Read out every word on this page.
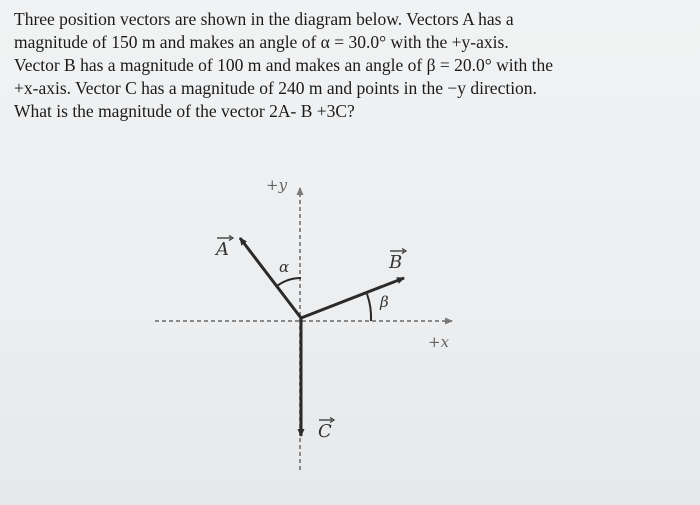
Three position vectors are shown in the diagram below. Vectors A has a
magnitude of 150 m and makes an angle of α = 30.0° with the +y-axis.
Vector B has a magnitude of 100 m and makes an angle of β = 20.0° with the
+x-axis. Vector C has a magnitude of 240 m and points in the −y direction.
What is the magnitude of the vector 2A- B +3C?

+y
+x
A
B
C
α
β
